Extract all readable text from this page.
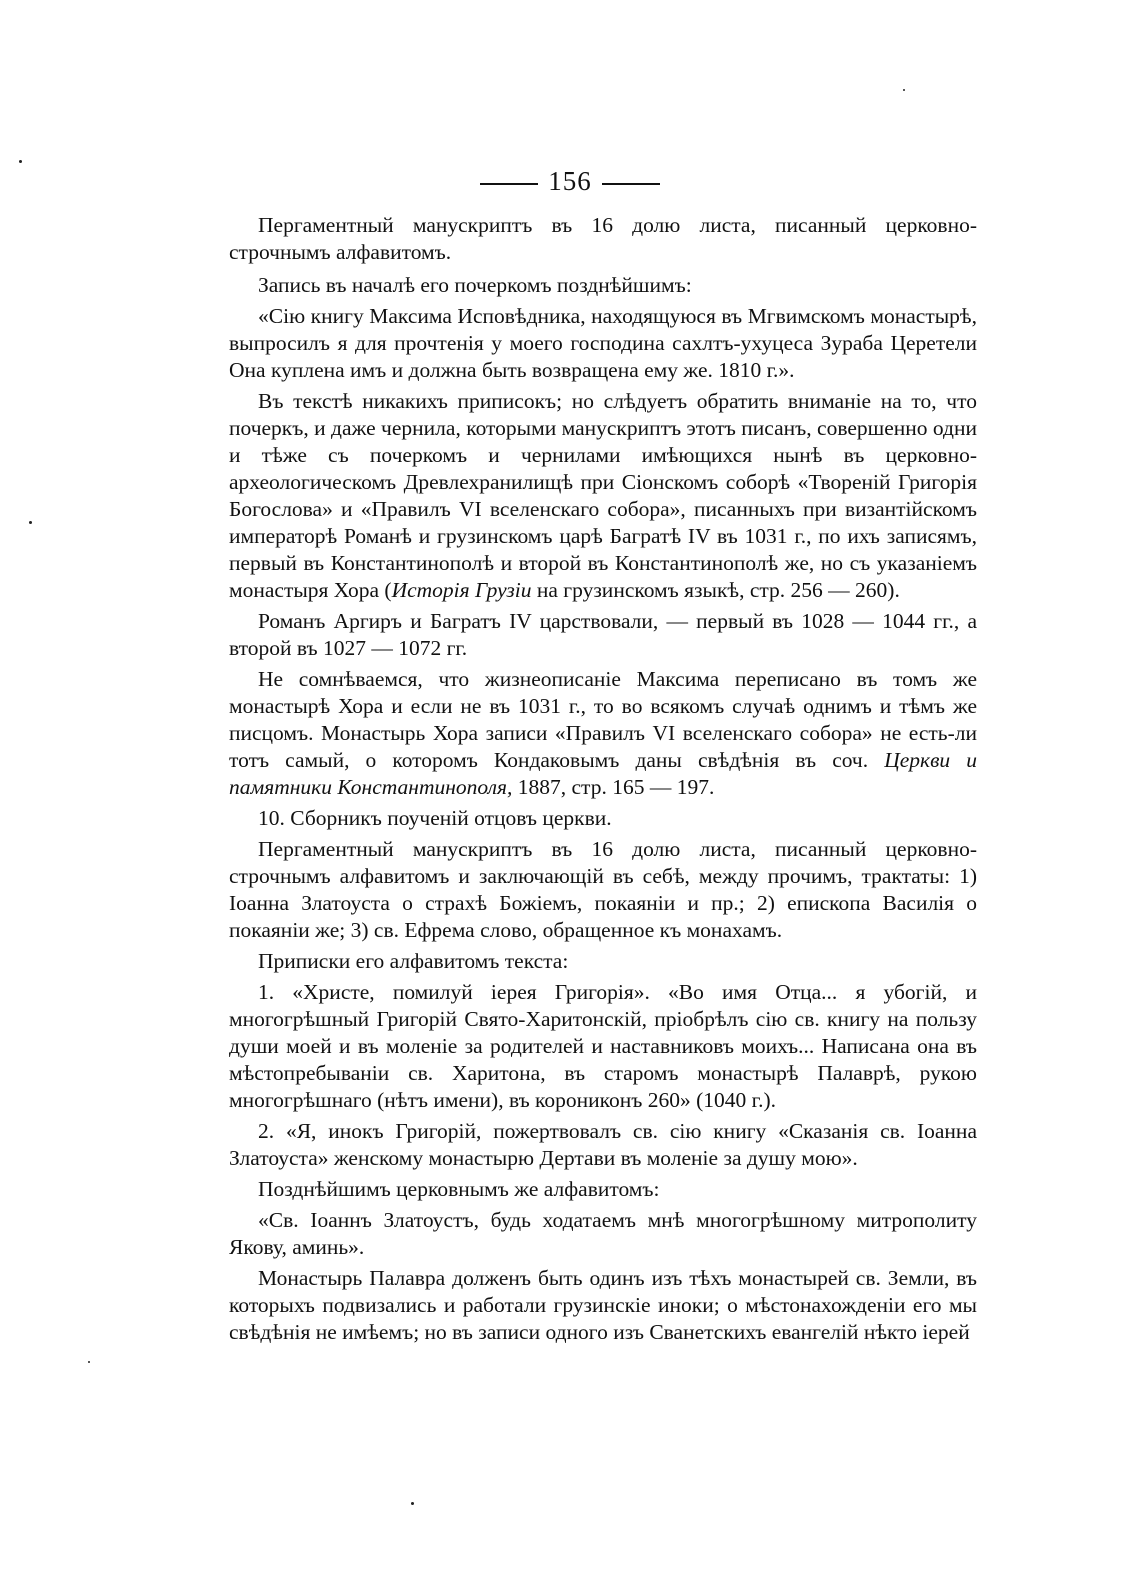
156

Пергаментный манускриптъ въ 16 долю листа, писанный церковно-строчнымъ алфавитомъ.

Запись въ началѣ его почеркомъ позднѣйшимъ:

«Сію книгу Максима Исповѣдника, находящуюся въ Мгвимскомъ монастырѣ, выпросилъ я для прочтенія у моего господина сахлтъ-ухуцеса Зураба Церетели Она куплена имъ и должна быть возвращена ему же. 1810 г.».

Въ текстѣ никакихъ приписокъ; но слѣдуетъ обратить вниманіе на то, что почеркъ, и даже чернила, которыми манускриптъ этотъ писанъ, совершенно одни и тѣже съ почеркомъ и чернилами имѣющихся нынѣ въ церковно-археологическомъ Древлехранилищѣ при Сіонскомъ соборѣ «Твореній Григорія Богослова» и «Правилъ VI вселенскаго собора», писанныхъ при византійскомъ императорѣ Романѣ и грузинскомъ царѣ Багратѣ IV въ 1031 г., по ихъ записямъ, первый въ Константинополѣ и второй въ Константинополѣ же, но съ указаніемъ монастыря Хора (Исторія Грузіи на грузинскомъ языкѣ, стр. 256 — 260).

Романъ Аргиръ и Багратъ IV царствовали, — первый въ 1028 — 1044 гг., а второй въ 1027 — 1072 гг.

Не сомнѣваемся, что жизнеописаніе Максима переписано въ томъ же монастырѣ Хора и если не въ 1031 г., то во всякомъ случаѣ однимъ и тѣмъ же писцомъ. Монастырь Хора записи «Правилъ VI вселенскаго собора» не есть-ли тотъ самый, о которомъ Кондаковымъ даны свѣдѣнія въ соч. Церкви и памятники Константинополя, 1887, стр. 165 — 197.

10. Сборникъ поученій отцовъ церкви.

Пергаментный манускриптъ въ 16 долю листа, писанный церковно-строчнымъ алфавитомъ и заключающій въ себѣ, между прочимъ, трактаты: 1) Іоанна Златоуста о страхѣ Божіемъ, покаяніи и пр.; 2) епископа Василія о покаяніи же; 3) св. Ефрема слово, обращенное къ монахамъ.

Приписки его алфавитомъ текста:

1. «Христе, помилуй іерея Григорія». «Во имя Отца... я убогій, и многогрѣшный Григорій Свято-Харитонскій, пріобрѣлъ сію св. книгу на пользу души моей и въ моленіе за родителей и наставниковъ моихъ... Написана она въ мѣстопребываніи св. Харитона, въ старомъ монастырѣ Палаврѣ, рукою многогрѣшнаго (нѣтъ имени), въ корониконъ 260» (1040 г.).

2. «Я, инокъ Григорій, пожертвовалъ св. сію книгу «Сказанія св. Іоанна Златоуста» женскому монастырю Дертави въ моленіе за душу мою».

Позднѣйшимъ церковнымъ же алфавитомъ:

«Св. Іоаннъ Златоустъ, будь ходатаемъ мнѣ многогрѣшному митрополиту Якову, аминь».

Монастырь Палавра долженъ быть одинъ изъ тѣхъ монастырей св. Земли, въ которыхъ подвизались и работали грузинскіе иноки; о мѣстонахожденіи его мы свѣдѣнія не имѣемъ; но въ записи одного изъ Сванетскихъ евангелій нѣкто іерей
